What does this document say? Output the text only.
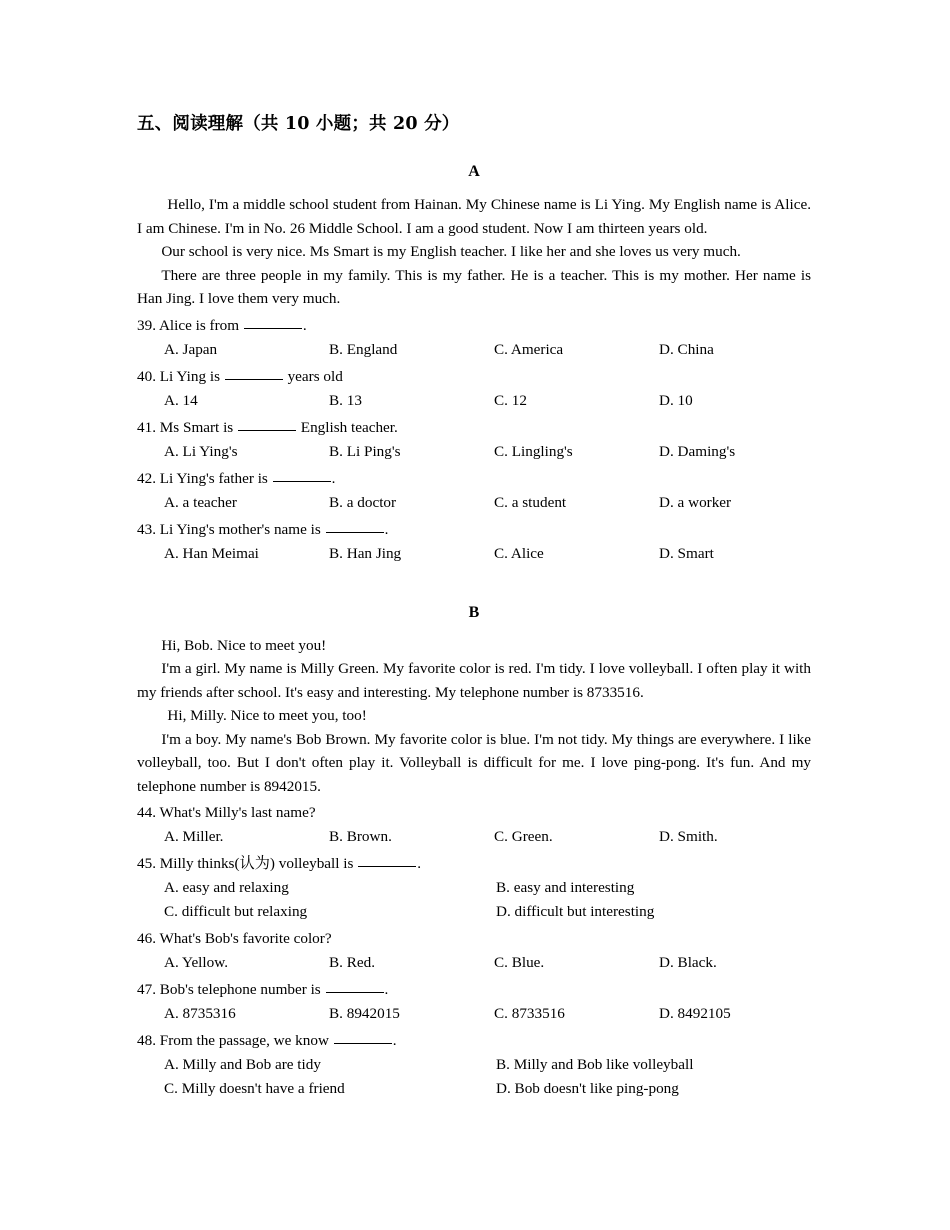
五、阅读理解（共 10 小题；共 20 分）
A

Hello, I'm a middle school student from Hainan. My Chinese name is Li Ying. My English name is Alice. I am Chinese. I'm in No. 26 Middle School. I am a good student. Now I am thirteen years old.

Our school is very nice. Ms Smart is my English teacher. I like her and she loves us very much.

There are three people in my family. This is my father. He is a teacher. This is my mother. Her name is Han Jing. I love them very much.

39. Alice is from	.

A. Japan	B. England	C. America	D. China

40. Li Ying is	years old

A. 14	B. 13	C. 12	D. 10

41. Ms Smart is	English teacher.

A. Li Ying's	B. Li Ping's	C. Lingling's	D. Daming's

42. Li Ying's father is	.

A. a teacher	B. a doctor	C. a student	D. a worker

43. Li Ying's mother's name is	.

A. Han Meimai	B. Han Jing	C. Alice	D. Smart
B

Hi, Bob. Nice to meet you!

I'm a girl. My name is Milly Green. My favorite color is red. I'm tidy. I love volleyball. I often play it with my friends after school. It's easy and interesting. My telephone number is 8733516.

Hi, Milly. Nice to meet you, too!

I'm a boy. My name's Bob Brown. My favorite color is blue. I'm not tidy. My things are everywhere. I like volleyball, too. But I don't often play it. Volleyball is difficult for me. I love ping-pong. It's fun. And my telephone number is 8942015.

44. What's Milly's last name?

A. Miller.	B. Brown.	C. Green.	D. Smith.

45. Milly thinks(认为) volleyball is	.

A. easy and relaxing	B. easy and interesting
C. difficult but relaxing	D. difficult but interesting

46. What's Bob's favorite color?

A. Yellow.	B. Red.	C. Blue.	D. Black.

47. Bob's telephone number is	.

A. 8735316	B. 8942015	C. 8733516	D. 8492105

48. From the passage, we know	.

A. Milly and Bob are tidy	B. Milly and Bob like volleyball
C. Milly doesn't have a friend	D. Bob doesn't like ping-pong
